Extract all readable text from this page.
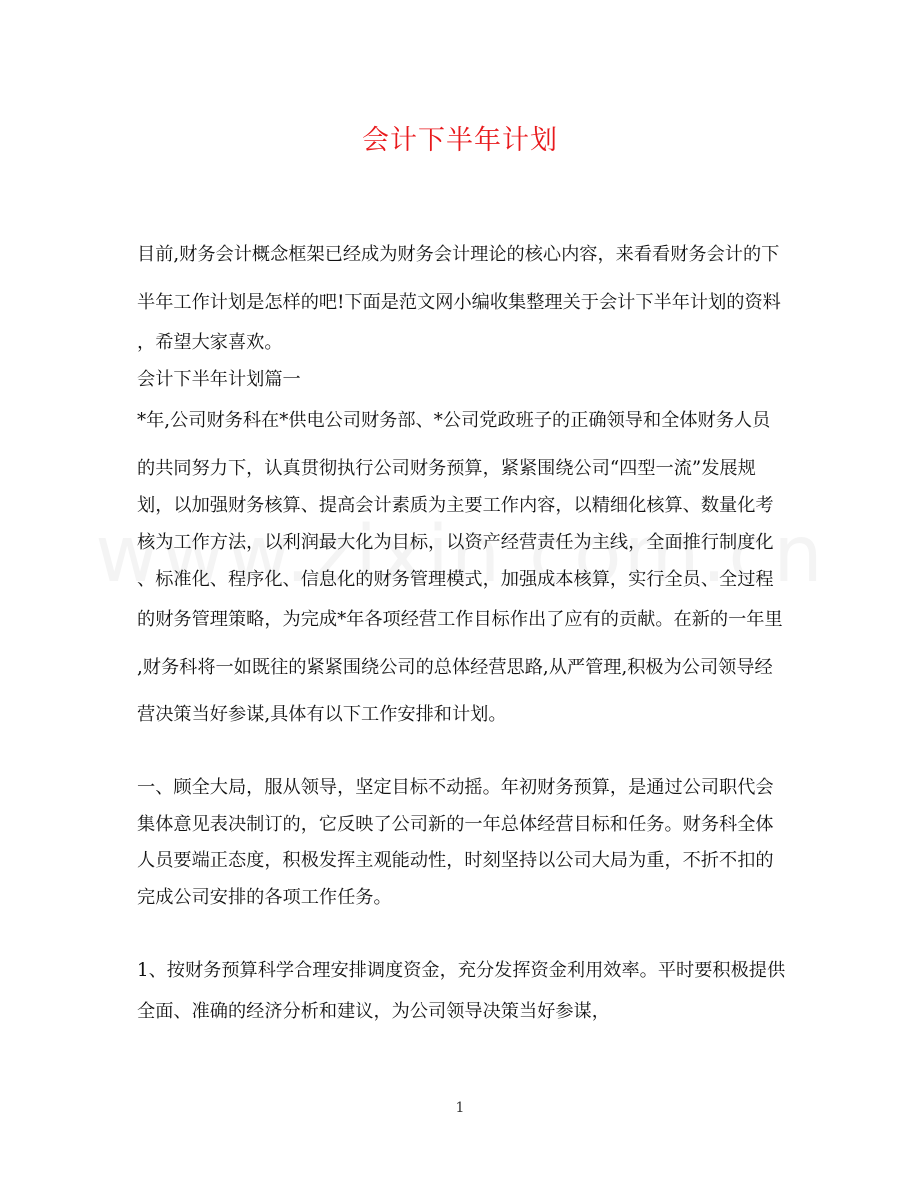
会计下半年计划
目前,财务会计概念框架已经成为财务会计理论的核心内容，来看看财务会计的下
半年工作计划是怎样的吧!下面是范文网小编收集整理关于会计下半年计划的资料
，希望大家喜欢。
会计下半年计划篇一
*年,公司财务科在*供电公司财务部、*公司党政班子的正确领导和全体财务人员
的共同努力下，认真贯彻执行公司财务预算，紧紧围绕公司“四型一流”发展规
划，以加强财务核算、提高会计素质为主要工作内容，以精细化核算、数量化考
核为工作方法，以利润最大化为目标，以资产经营责任为主线，全面推行制度化
、标准化、程序化、信息化的财务管理模式，加强成本核算，实行全员、全过程
的财务管理策略，为完成*年各项经营工作目标作出了应有的贡献。在新的一年里
,财务科将一如既往的紧紧围绕公司的总体经营思路,从严管理,积极为公司领导经
营决策当好参谋,具体有以下工作安排和计划。
一、顾全大局，服从领导，坚定目标不动摇。年初财务预算，是通过公司职代会
集体意见表决制订的，它反映了公司新的一年总体经营目标和任务。财务科全体
人员要端正态度，积极发挥主观能动性，时刻坚持以公司大局为重，不折不扣的
完成公司安排的各项工作任务。
1、按财务预算科学合理安排调度资金，充分发挥资金利用效率。平时要积极提供
全面、准确的经济分析和建议，为公司领导决策当好参谋，
1
